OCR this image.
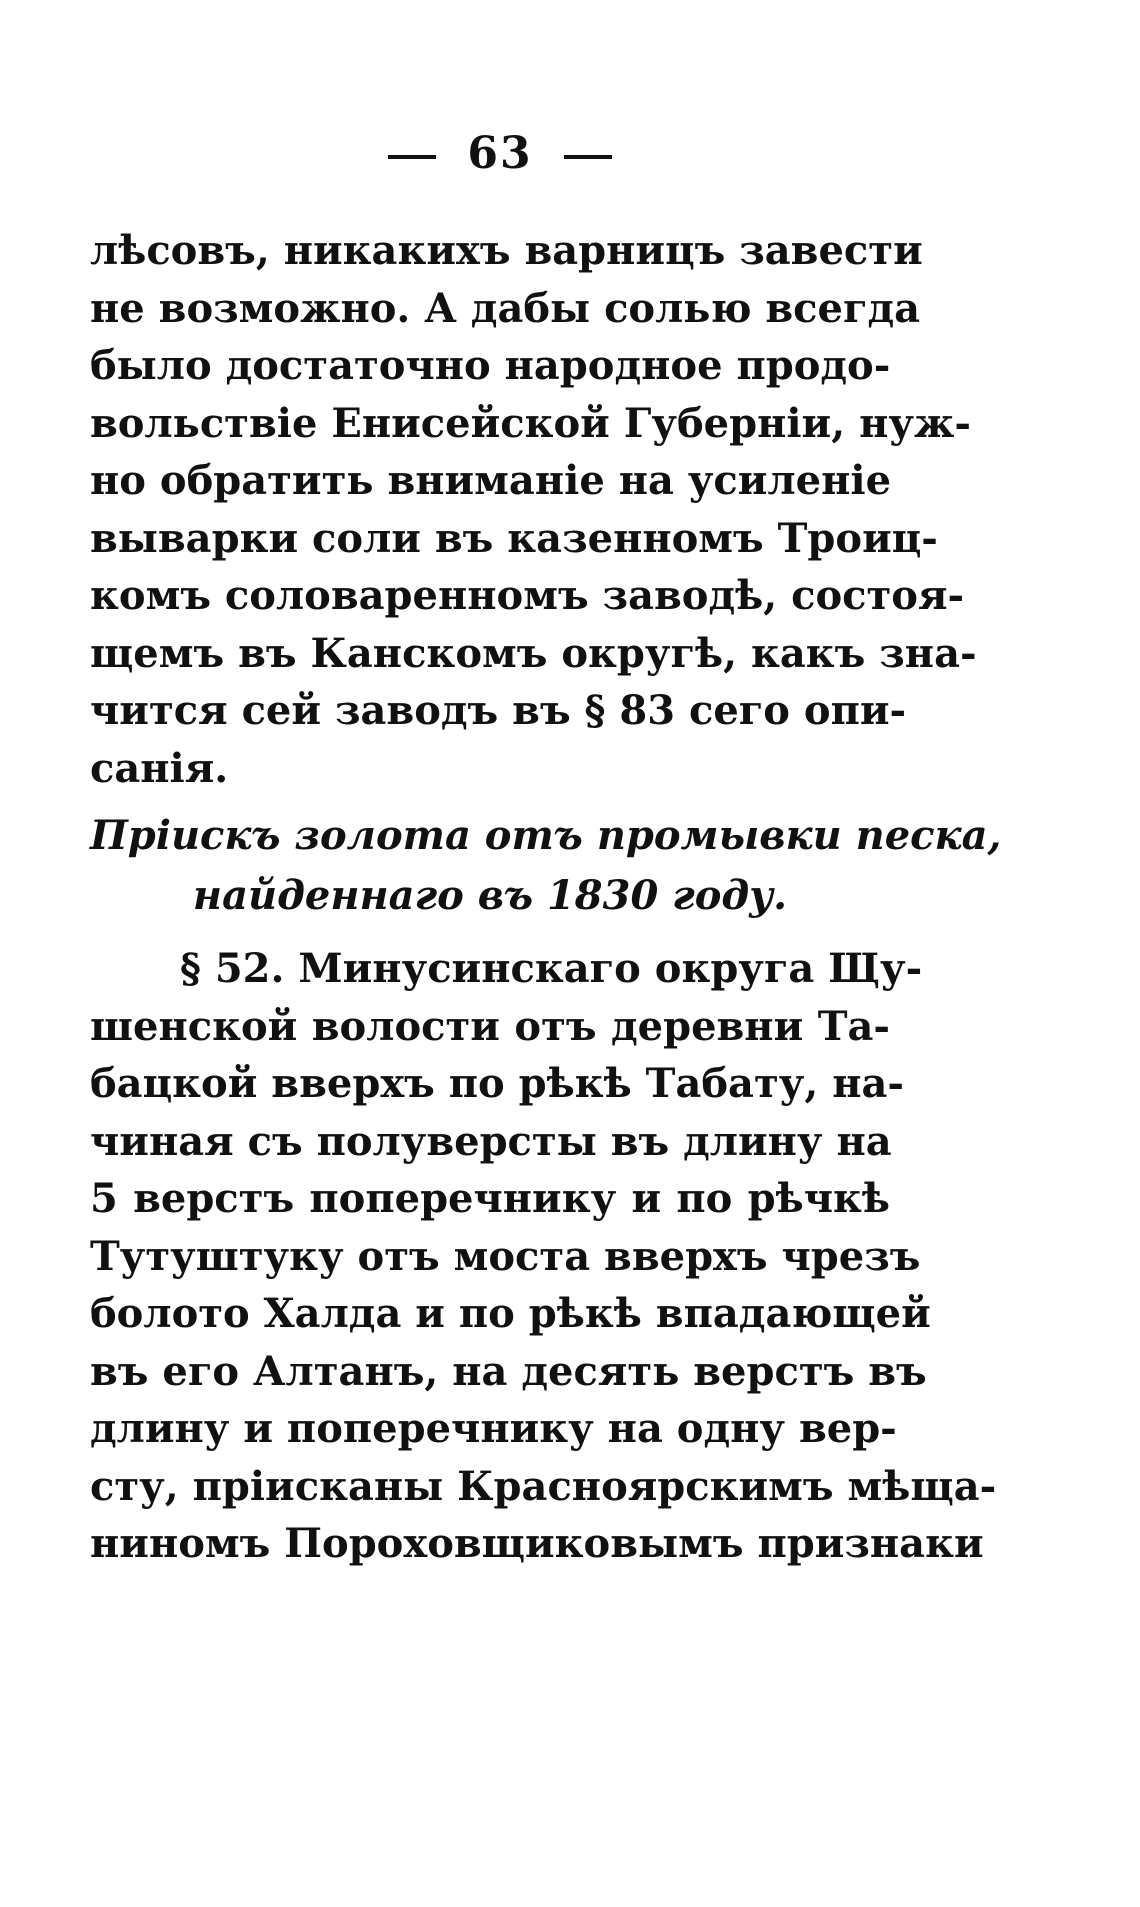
63
лѣсовъ, никакихъ варницъ завести
не возможно. А дабы солью всегда
было достаточно народное продо-
вольствіе Енисейской Губерніи, нуж-
но обратить вниманіе на усиленіе
выварки соли въ казенномъ Троиц-
комъ соловаренномъ заводѣ, состоя-
щемъ въ Канскомъ округѣ, какъ зна-
чится сей заводъ въ § 83 сего опи-
санія.
Пріискъ золота отъ промывки песка,
найденнаго въ 1830 году.
§ 52. Минусинскаго округа Щу-
шенской волости отъ деревни Та-
бацкой вверхъ по рѣкѣ Табату, на-
чиная съ полуверсты въ длину на
5 верстъ поперечнику и по рѣчкѣ
Тутуштуку отъ моста вверхъ чрезъ
болото Халда и по рѣкѣ впадающей
въ его Алтанъ, на десять верстъ въ
длину и поперечнику на одну вер-
сту, пріисканы Красноярскимъ мѣща-
ниномъ Пороховщиковымъ признаки
